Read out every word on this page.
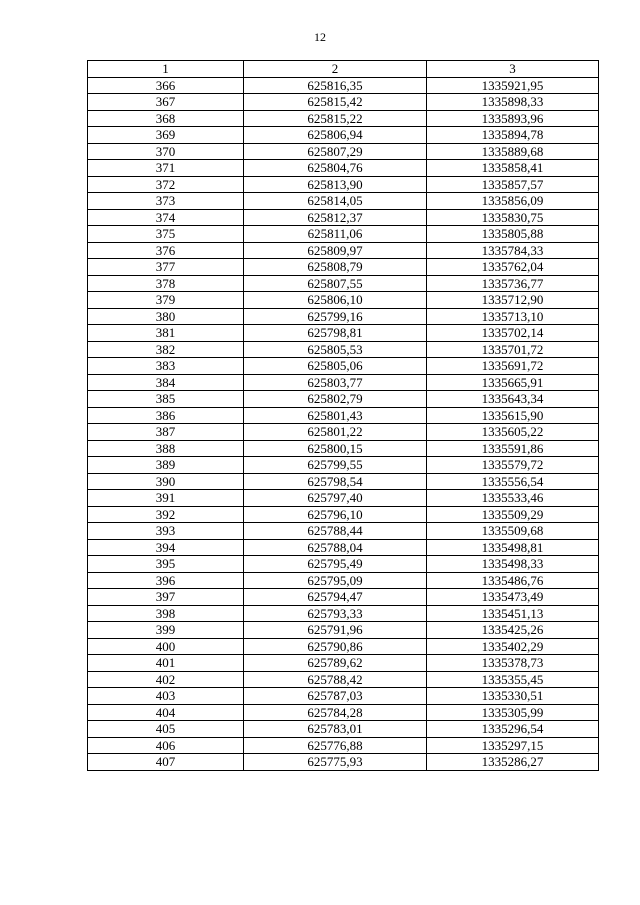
12
1	2	3
366	625816,35	1335921,95
367	625815,42	1335898,33
368	625815,22	1335893,96
369	625806,94	1335894,78
370	625807,29	1335889,68
371	625804,76	1335858,41
372	625813,90	1335857,57
373	625814,05	1335856,09
374	625812,37	1335830,75
375	625811,06	1335805,88
376	625809,97	1335784,33
377	625808,79	1335762,04
378	625807,55	1335736,77
379	625806,10	1335712,90
380	625799,16	1335713,10
381	625798,81	1335702,14
382	625805,53	1335701,72
383	625805,06	1335691,72
384	625803,77	1335665,91
385	625802,79	1335643,34
386	625801,43	1335615,90
387	625801,22	1335605,22
388	625800,15	1335591,86
389	625799,55	1335579,72
390	625798,54	1335556,54
391	625797,40	1335533,46
392	625796,10	1335509,29
393	625788,44	1335509,68
394	625788,04	1335498,81
395	625795,49	1335498,33
396	625795,09	1335486,76
397	625794,47	1335473,49
398	625793,33	1335451,13
399	625791,96	1335425,26
400	625790,86	1335402,29
401	625789,62	1335378,73
402	625788,42	1335355,45
403	625787,03	1335330,51
404	625784,28	1335305,99
405	625783,01	1335296,54
406	625776,88	1335297,15
407	625775,93	1335286,27
